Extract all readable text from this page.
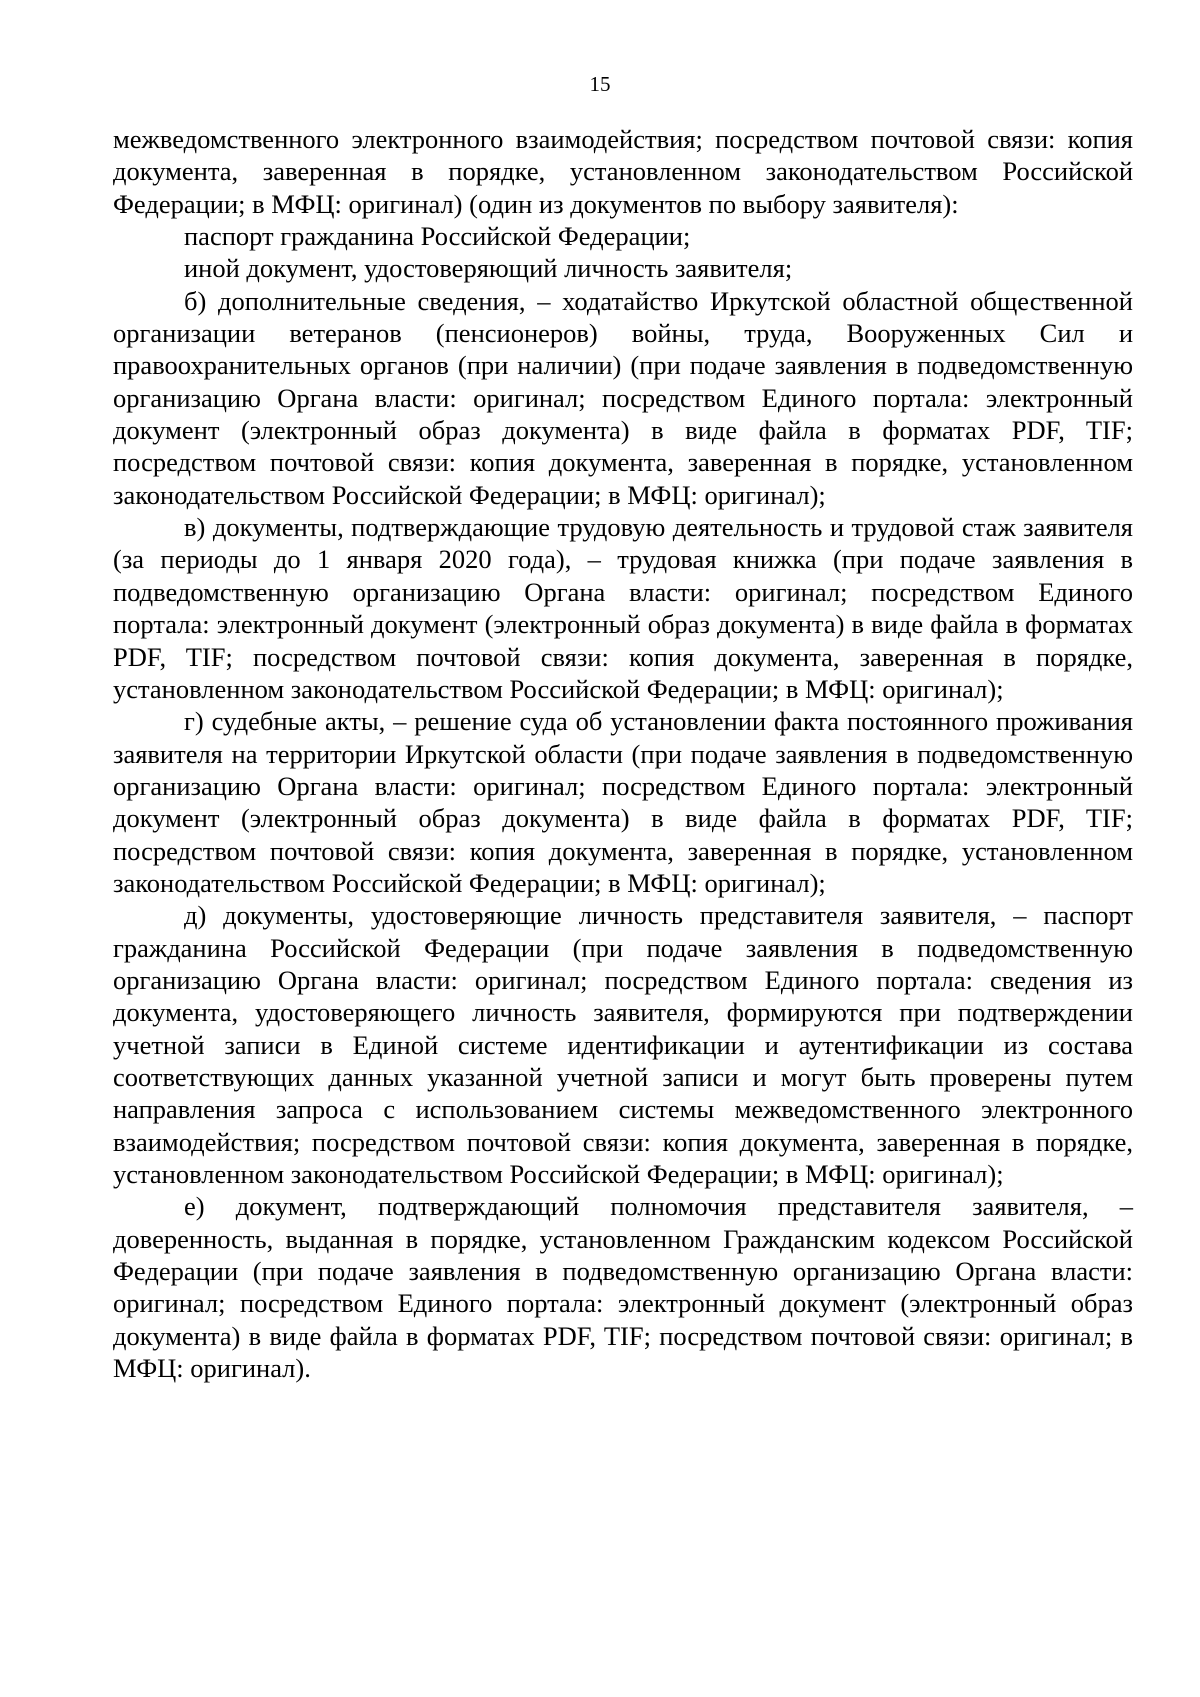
15

межведомственного электронного взаимодействия; посредством почтовой связи: копия документа, заверенная в порядке, установленном законодательством Российской Федерации; в МФЦ: оригинал) (один из документов по выбору заявителя):

паспорт гражданина Российской Федерации;

иной документ, удостоверяющий личность заявителя;

б) дополнительные сведения, – ходатайство Иркутской областной общественной организации ветеранов (пенсионеров) войны, труда, Вооруженных Сил и правоохранительных органов (при наличии) (при подаче заявления в подведомственную организацию Органа власти: оригинал; посредством Единого портала: электронный документ (электронный образ документа) в виде файла в форматах PDF, TIF; посредством почтовой связи: копия документа, заверенная в порядке, установленном законодательством Российской Федерации; в МФЦ: оригинал);

в) документы, подтверждающие трудовую деятельность и трудовой стаж заявителя (за периоды до 1 января 2020 года), – трудовая книжка (при подаче заявления в подведомственную организацию Органа власти: оригинал; посредством Единого портала: электронный документ (электронный образ документа) в виде файла в форматах PDF, TIF; посредством почтовой связи: копия документа, заверенная в порядке, установленном законодательством Российской Федерации; в МФЦ: оригинал);

г) судебные акты, – решение суда об установлении факта постоянного проживания заявителя на территории Иркутской области (при подаче заявления в подведомственную организацию Органа власти: оригинал; посредством Единого портала: электронный документ (электронный образ документа) в виде файла в форматах PDF, TIF; посредством почтовой связи: копия документа, заверенная в порядке, установленном законодательством Российской Федерации; в МФЦ: оригинал);

д) документы, удостоверяющие личность представителя заявителя, – паспорт гражданина Российской Федерации (при подаче заявления в подведомственную организацию Органа власти: оригинал; посредством Единого портала: сведения из документа, удостоверяющего личность заявителя, формируются при подтверждении учетной записи в Единой системе идентификации и аутентификации из состава соответствующих данных указанной учетной записи и могут быть проверены путем направления запроса с использованием системы межведомственного электронного взаимодействия; посредством почтовой связи: копия документа, заверенная в порядке, установленном законодательством Российской Федерации; в МФЦ: оригинал);

е) документ, подтверждающий полномочия представителя заявителя, – доверенность, выданная в порядке, установленном Гражданским кодексом Российской Федерации (при подаче заявления в подведомственную организацию Органа власти: оригинал; посредством Единого портала: электронный документ (электронный образ документа) в виде файла в форматах PDF, TIF; посредством почтовой связи: оригинал; в МФЦ: оригинал).
